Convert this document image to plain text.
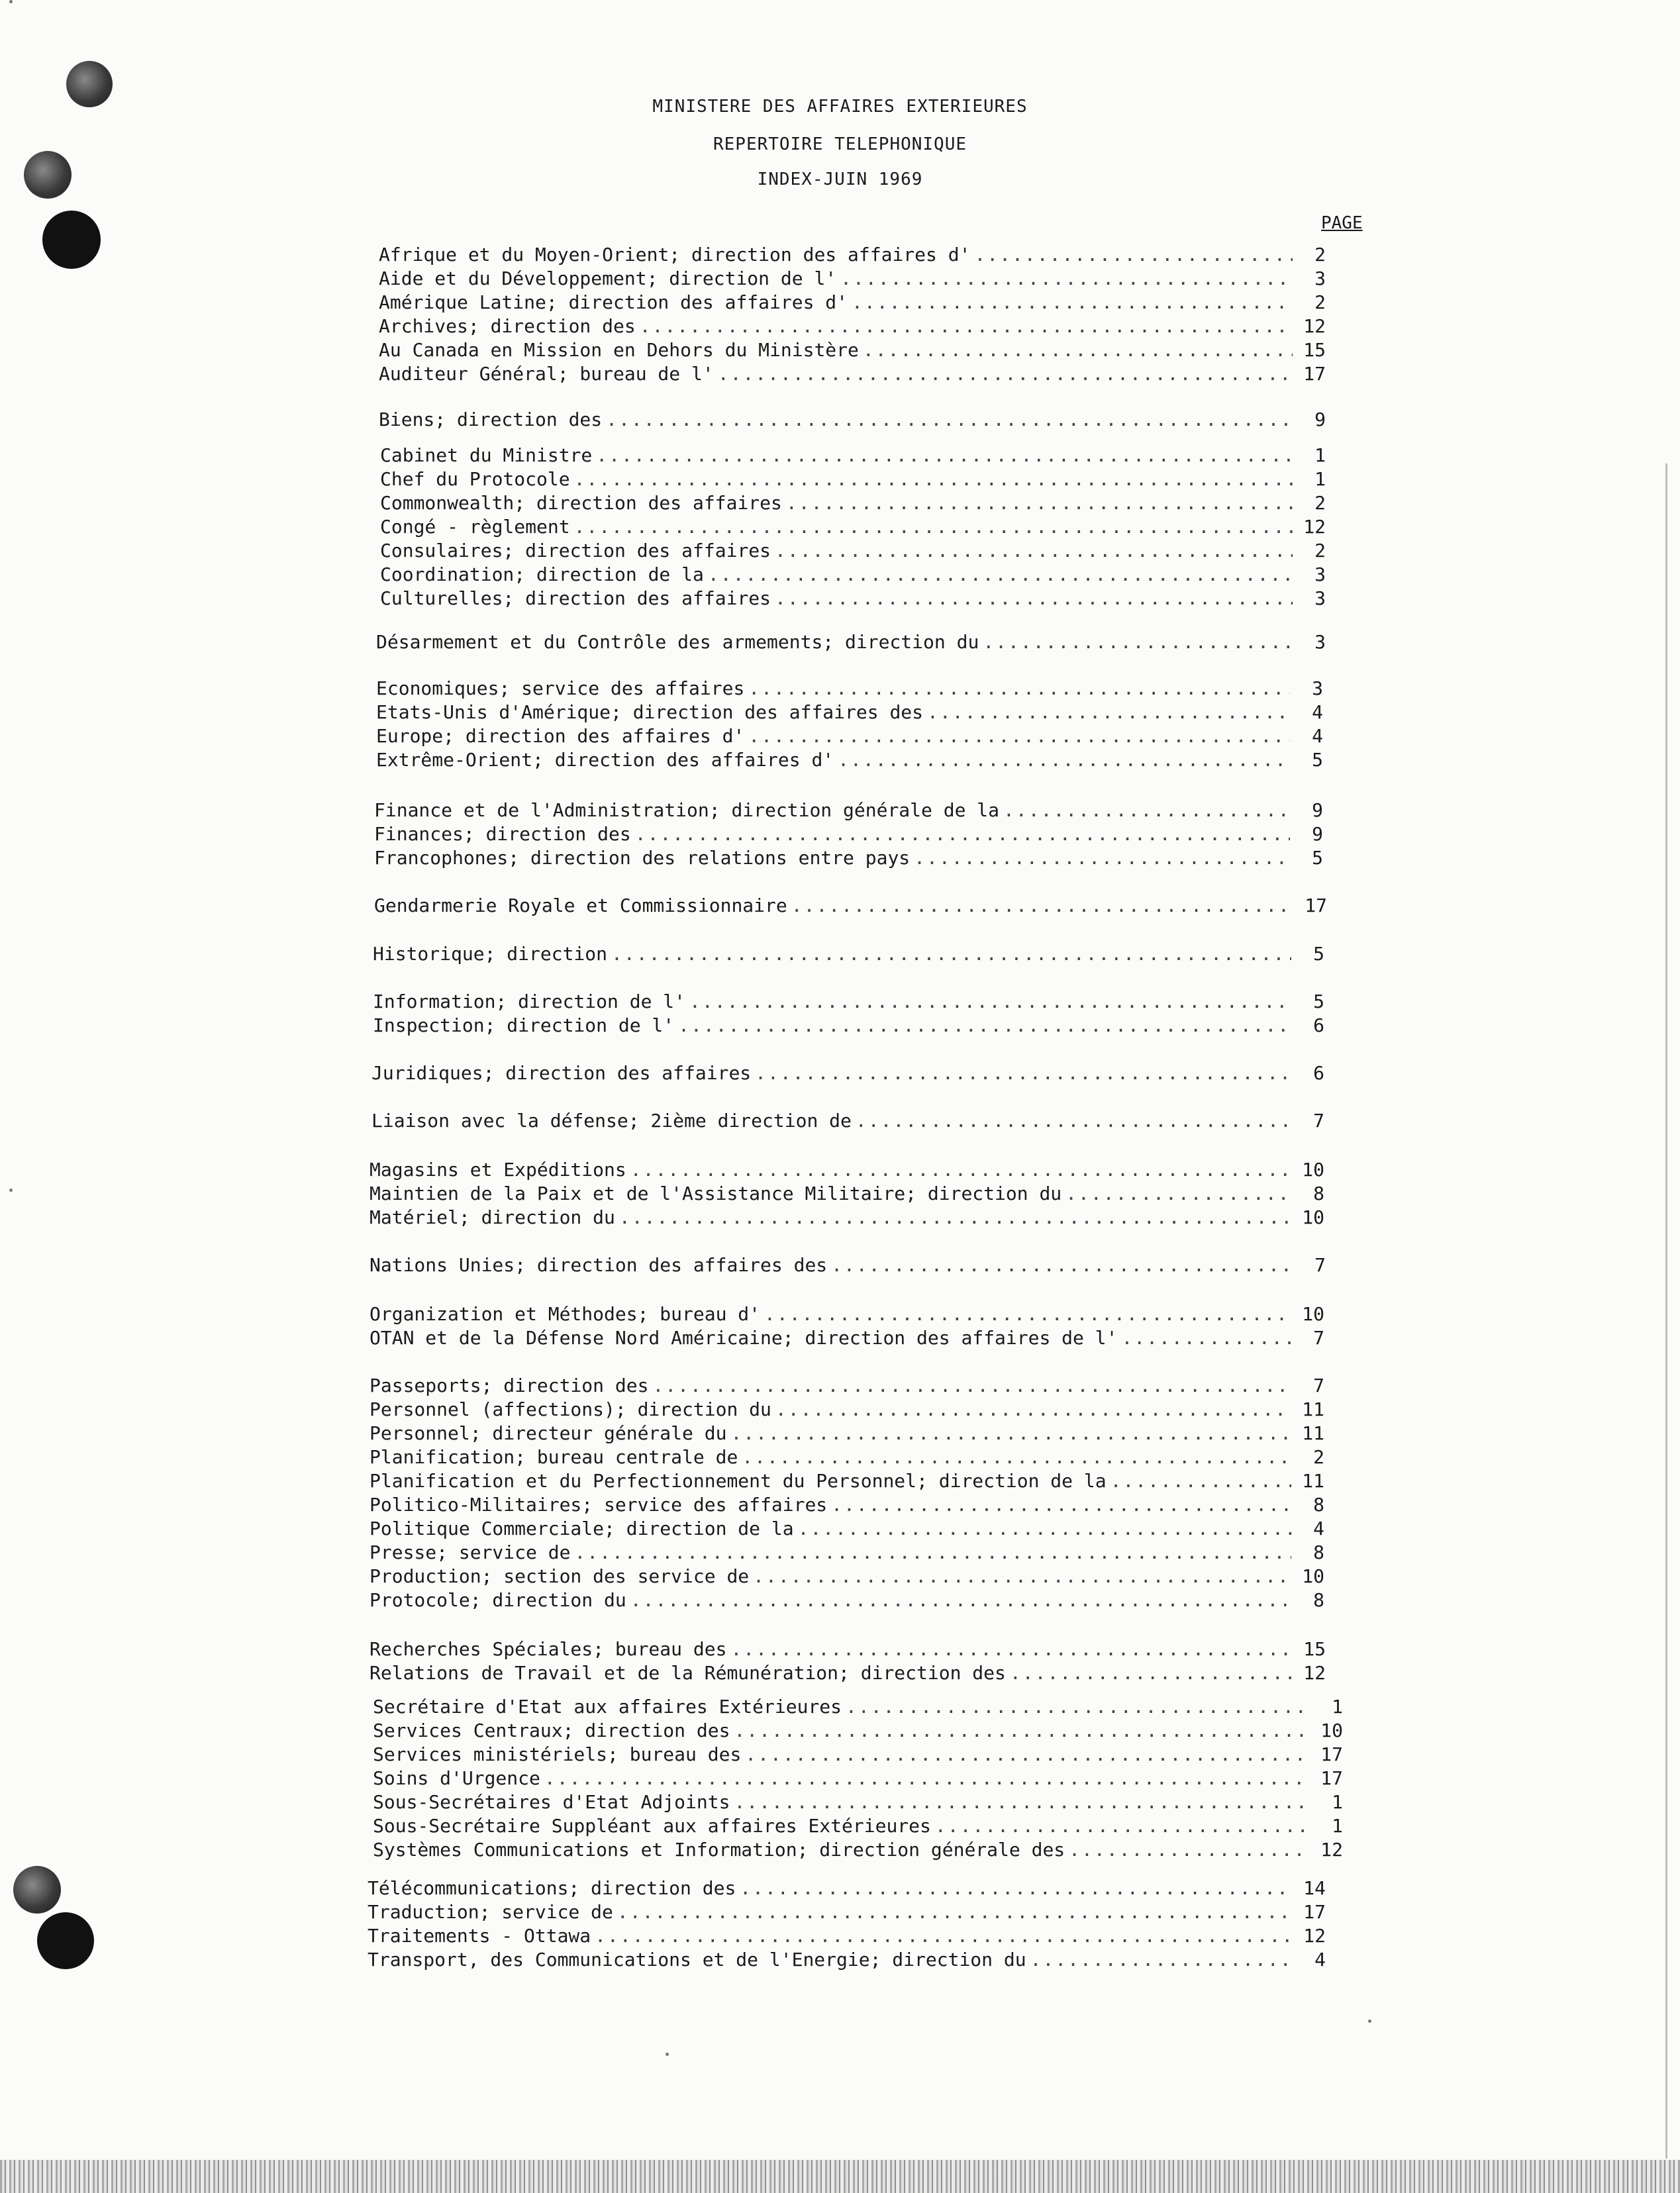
MINISTERE DES AFFAIRES EXTERIEURES
REPERTOIRE TELEPHONIQUE
INDEX-JUIN 1969
PAGE
Afrique et du Moyen-Orient; direction des affaires d' .....	2
Aide et du Développement; direction de l' .....	3
Amérique Latine; direction des affaires d' .....	2
Archives; direction des .....	12
Au Canada en Mission en Dehors du Ministère .....	15
Auditeur Général; bureau de l' .....	17
Biens; direction des .....	9
Cabinet du Ministre .....	1
Chef du Protocole .....	1
Commonwealth; direction des affaires .....	2
Congé - règlement .....	12
Consulaires; direction des affaires .....	2
Coordination; direction de la .....	3
Culturelles; direction des affaires .....	3
Désarmement et du Contrôle des armements; direction du .....	3
Economiques; service des affaires .....	3
Etats-Unis d'Amérique; direction des affaires des .....	4
Europe; direction des affaires d' .....	4
Extrême-Orient; direction des affaires d' .....	5
Finance et de l'Administration; direction générale de la .....	9
Finances; direction des .....	9
Francophones; direction des relations entre pays .....	5
Gendarmerie Royale et Commissionnaire .....	17
Historique; direction .....	5
Information; direction de l' .....	5
Inspection; direction de l' .....	6
Juridiques; direction des affaires .....	6
Liaison avec la défense; 2ième direction de .....	7
Magasins et Expéditions .....	10
Maintien de la Paix et de l'Assistance Militaire; direction du .....	8
Matériel; direction du .....	10
Nations Unies; direction des affaires des .....	7
Organization et Méthodes; bureau d' .....	10
OTAN et de la Défense Nord Américaine; direction des affaires de l' .....	7
Passeports; direction des .....	7
Personnel (affections); direction du .....	11
Personnel; directeur générale du .....	11
Planification; bureau centrale de .....	2
Planification et du Perfectionnement du Personnel; direction de la .....	11
Politico-Militaires; service des affaires .....	8
Politique Commerciale; direction de la .....	4
Presse; service de .....	8
Production; section des service de .....	10
Protocole; direction du .....	8
Recherches Spéciales; bureau des .....	15
Relations de Travail et de la Rémunération; direction des .....	12
Secrétaire d'Etat aux affaires Extérieures .....	1
Services Centraux; direction des .....	10
Services ministériels; bureau des .....	17
Soins d'Urgence .....	17
Sous-Secrétaires d'Etat Adjoints .....	1
Sous-Secrétaire Suppléant aux affaires Extérieures .....	1
Systèmes Communications et Information; direction générale des .....	12
Télécommunications; direction des .....	14
Traduction; service de .....	17
Traitements - Ottawa .....	12
Transport, des Communications et de l'Energie; direction du .....	4
